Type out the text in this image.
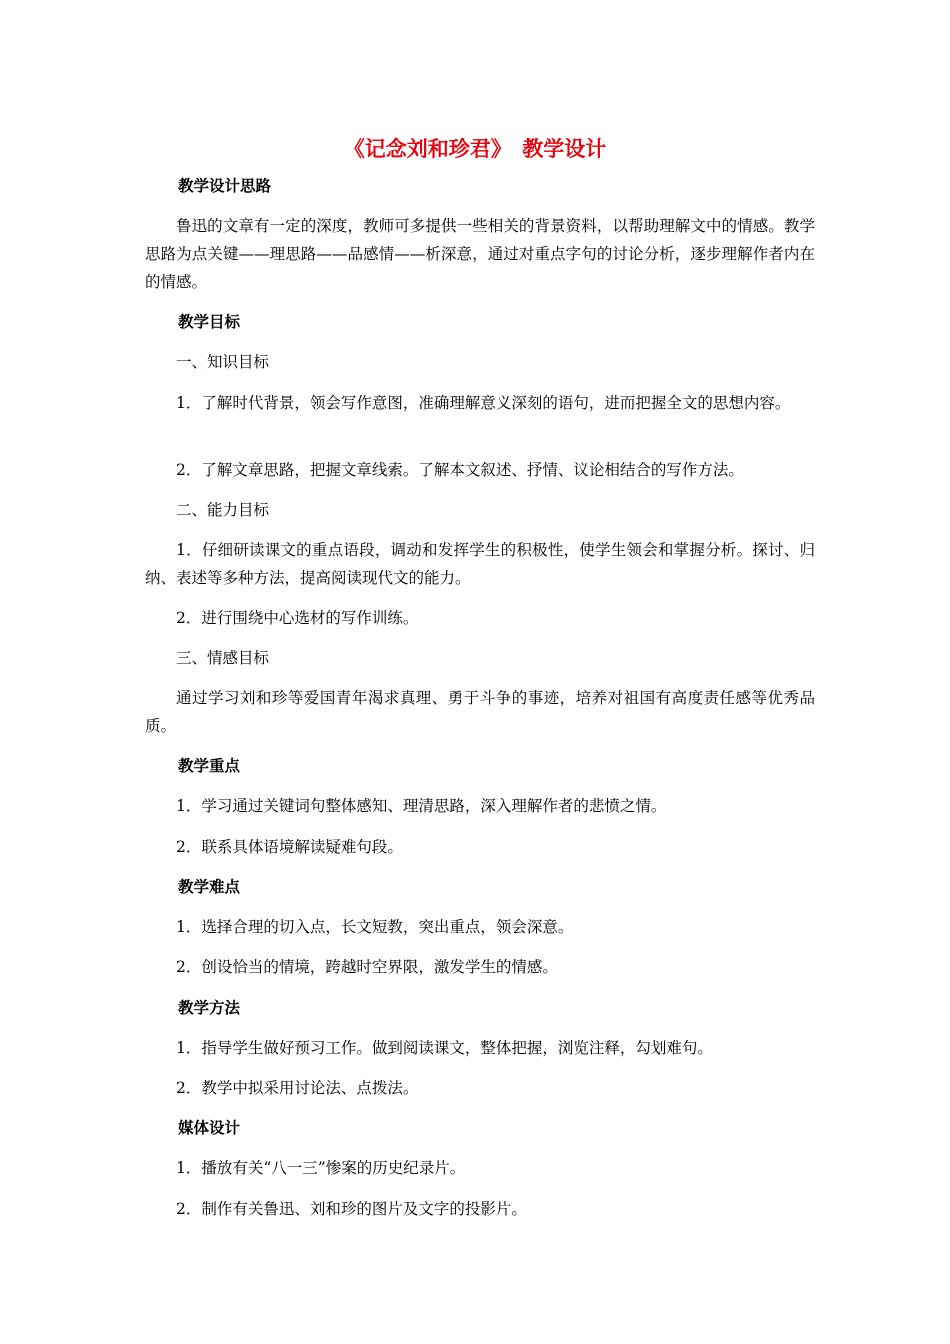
《记念刘和珍君》　教学设计
教学设计思路
鲁迅的文章有一定的深度，教师可多提供一些相关的背景资料，以帮助理解文中的情感。教学思路为点关键——理思路——品感情——析深意，通过对重点字句的讨论分析，逐步理解作者内在的情感。
教学目标
一、知识目标
1．了解时代背景，领会写作意图，准确理解意义深刻的语句，进而把握全文的思想内容。
2．了解文章思路，把握文章线索。了解本文叙述、抒情、议论相结合的写作方法。
二、能力目标
1．仔细研读课文的重点语段，调动和发挥学生的积极性，使学生领会和掌握分析。探讨、归纳、表述等多种方法，提高阅读现代文的能力。
2．进行围绕中心选材的写作训练。
三、情感目标
通过学习刘和珍等爱国青年渴求真理、勇于斗争的事迹，培养对祖国有高度责任感等优秀品质。
教学重点
1．学习通过关键词句整体感知、理清思路，深入理解作者的悲愤之情。
2．联系具体语境解读疑难句段。
教学难点
1．选择合理的切入点，长文短教，突出重点，领会深意。
2．创设恰当的情境，跨越时空界限，激发学生的情感。
教学方法
1．指导学生做好预习工作。做到阅读课文，整体把握，浏览注释，勾划难句。
2．教学中拟采用讨论法、点拨法。
媒体设计
1．播放有关“八一三”惨案的历史纪录片。
2．制作有关鲁迅、刘和珍的图片及文字的投影片。
